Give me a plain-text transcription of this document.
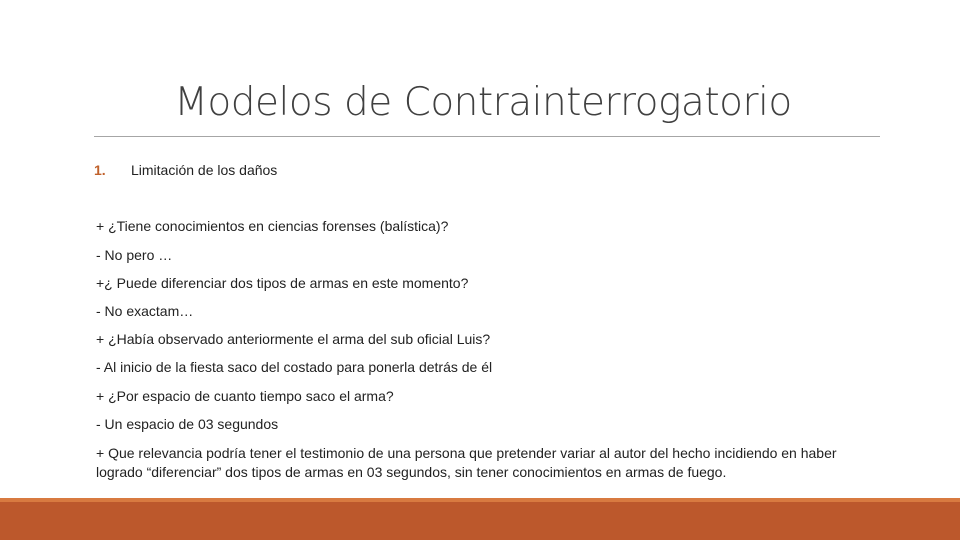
Modelos de Contrainterrogatorio
1. Limitación de los daños
+ ¿Tiene conocimientos en ciencias forenses (balística)?
- No pero …
+¿ Puede diferenciar dos tipos de armas en este momento?
- No exactam…
+ ¿Había observado anteriormente el arma del sub oficial Luis?
- Al inicio de la fiesta saco del costado para ponerla detrás de él
+ ¿Por espacio de cuanto tiempo saco el arma?
- Un espacio de 03 segundos
+ Que relevancia podría tener el testimonio de una persona que pretender variar al autor del hecho incidiendo en haber logrado “diferenciar” dos tipos de armas en 03 segundos, sin tener conocimientos en armas de fuego.
